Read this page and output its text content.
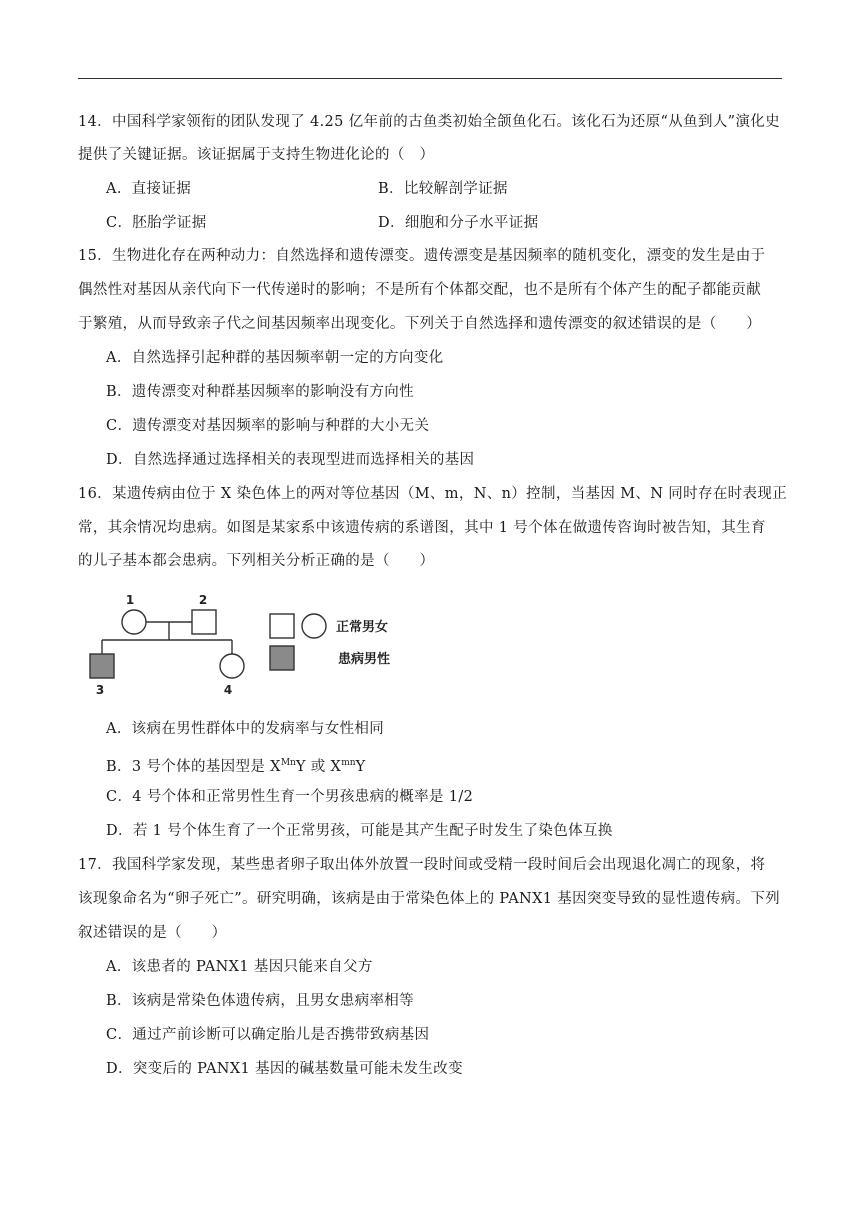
14．中国科学家领衔的团队发现了 4.25 亿年前的古鱼类初始全颌鱼化石。该化石为还原“从鱼到人”演化史
提供了关键证据。该证据属于支持生物进化论的（　）
A．直接证据	B．比较解剖学证据
C．胚胎学证据	D．细胞和分子水平证据
15．生物进化存在两种动力：自然选择和遗传漂变。遗传漂变是基因频率的随机变化，漂变的发生是由于
偶然性对基因从亲代向下一代传递时的影响；不是所有个体都交配，也不是所有个体产生的配子都能贡献
于繁殖，从而导致亲子代之间基因频率出现变化。下列关于自然选择和遗传漂变的叙述错误的是（　　）
A．自然选择引起种群的基因频率朝一定的方向变化
B．遗传漂变对种群基因频率的影响没有方向性
C．遗传漂变对基因频率的影响与种群的大小无关
D．自然选择通过选择相关的表现型进而选择相关的基因
16．某遗传病由位于 X 染色体上的两对等位基因（M、m，N、n）控制，当基因 M、N 同时存在时表现正
常，其余情况均患病。如图是某家系中该遗传病的系谱图，其中 1 号个体在做遗传咨询时被告知，其生育
的儿子基本都会患病。下列相关分析正确的是（　　）
1	2
3	4
正常男女
患病男性
A．该病在男性群体中的发病率与女性相同
B．3 号个体的基因型是 $X^{Mn}Y$ 或 $X^{mn}Y$
C．4 号个体和正常男性生育一个男孩患病的概率是 1/2
D．若 1 号个体生育了一个正常男孩，可能是其产生配子时发生了染色体互换
17．我国科学家发现，某些患者卵子取出体外放置一段时间或受精一段时间后会出现退化凋亡的现象，将
该现象命名为“卵子死亡”。研究明确，该病是由于常染色体上的 PANX1 基因突变导致的显性遗传病。下列
叙述错误的是（　　）
A．该患者的 PANX1 基因只能来自父方
B．该病是常染色体遗传病，且男女患病率相等
C．通过产前诊断可以确定胎儿是否携带致病基因
D．突变后的 PANX1 基因的碱基数量可能未发生改变
